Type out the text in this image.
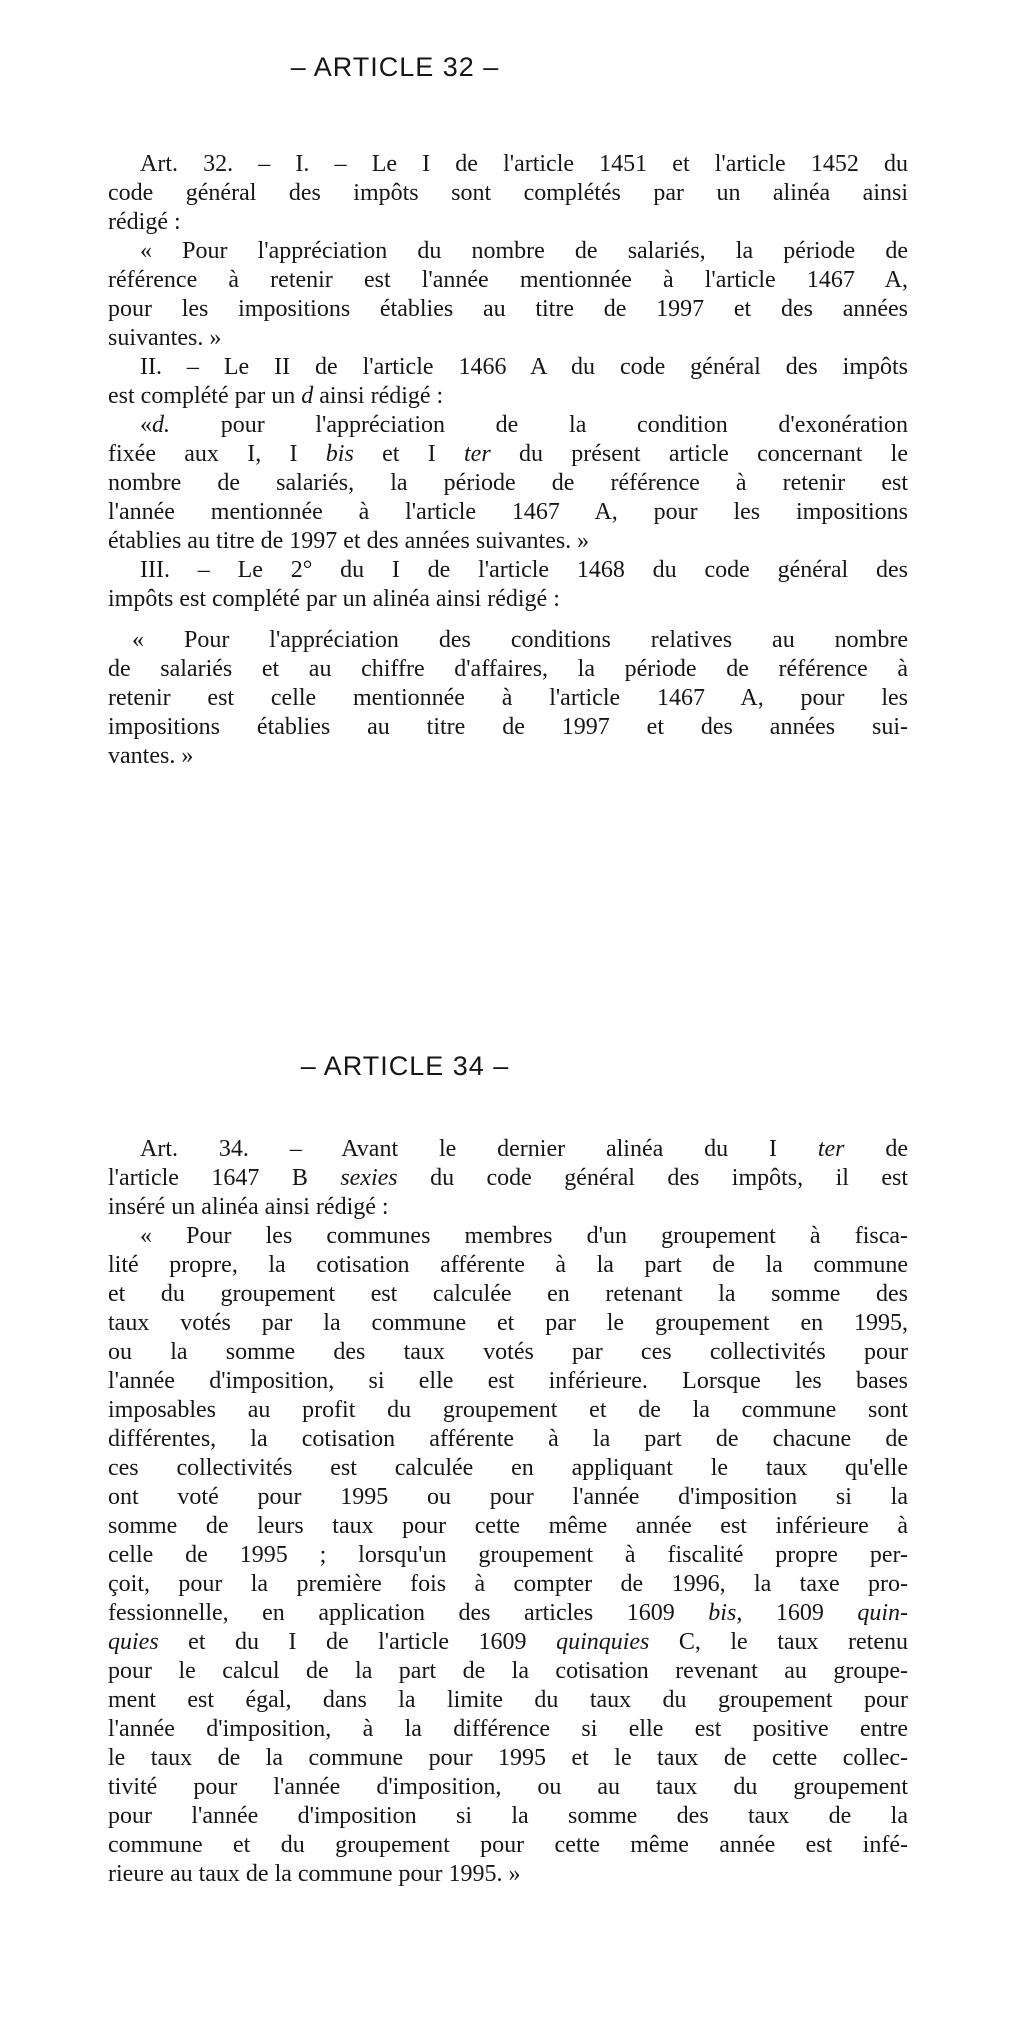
– ARTICLE 32 –
Art. 32. – I. – Le I de l'article 1451 et l'article 1452 du
code général des impôts sont complétés par un alinéa ainsi
rédigé :
« Pour l'appréciation du nombre de salariés, la période de
référence à retenir est l'année mentionnée à l'article 1467 A,
pour les impositions établies au titre de 1997 et des années
suivantes. »
II. – Le II de l'article 1466 A du code général des impôts
est complété par un d ainsi rédigé :
«d. pour l'appréciation de la condition d'exonération
fixée aux I, I bis et I ter du présent article concernant le
nombre de salariés, la période de référence à retenir est
l'année mentionnée à l'article 1467 A, pour les impositions
établies au titre de 1997 et des années suivantes. »
III. – Le 2° du I de l'article 1468 du code général des
impôts est complété par un alinéa ainsi rédigé :
« Pour l'appréciation des conditions relatives au nombre
de salariés et au chiffre d'affaires, la période de référence à
retenir est celle mentionnée à l'article 1467 A, pour les
impositions établies au titre de 1997 et des années sui-
vantes. »
– ARTICLE 34 –
Art. 34. – Avant le dernier alinéa du I ter de
l'article 1647 B sexies du code général des impôts, il est
inséré un alinéa ainsi rédigé :
« Pour les communes membres d'un groupement à fisca-
lité propre, la cotisation afférente à la part de la commune
et du groupement est calculée en retenant la somme des
taux votés par la commune et par le groupement en 1995,
ou la somme des taux votés par ces collectivités pour
l'année d'imposition, si elle est inférieure. Lorsque les bases
imposables au profit du groupement et de la commune sont
différentes, la cotisation afférente à la part de chacune de
ces collectivités est calculée en appliquant le taux qu'elle
ont voté pour 1995 ou pour l'année d'imposition si la
somme de leurs taux pour cette même année est inférieure à
celle de 1995 ; lorsqu'un groupement à fiscalité propre per-
çoit, pour la première fois à compter de 1996, la taxe pro-
fessionnelle, en application des articles 1609 bis, 1609 quin-
quies et du I de l'article 1609 quinquies C, le taux retenu
pour le calcul de la part de la cotisation revenant au groupe-
ment est égal, dans la limite du taux du groupement pour
l'année d'imposition, à la différence si elle est positive entre
le taux de la commune pour 1995 et le taux de cette collec-
tivité pour l'année d'imposition, ou au taux du groupement
pour l'année d'imposition si la somme des taux de la
commune et du groupement pour cette même année est infé-
rieure au taux de la commune pour 1995. »
